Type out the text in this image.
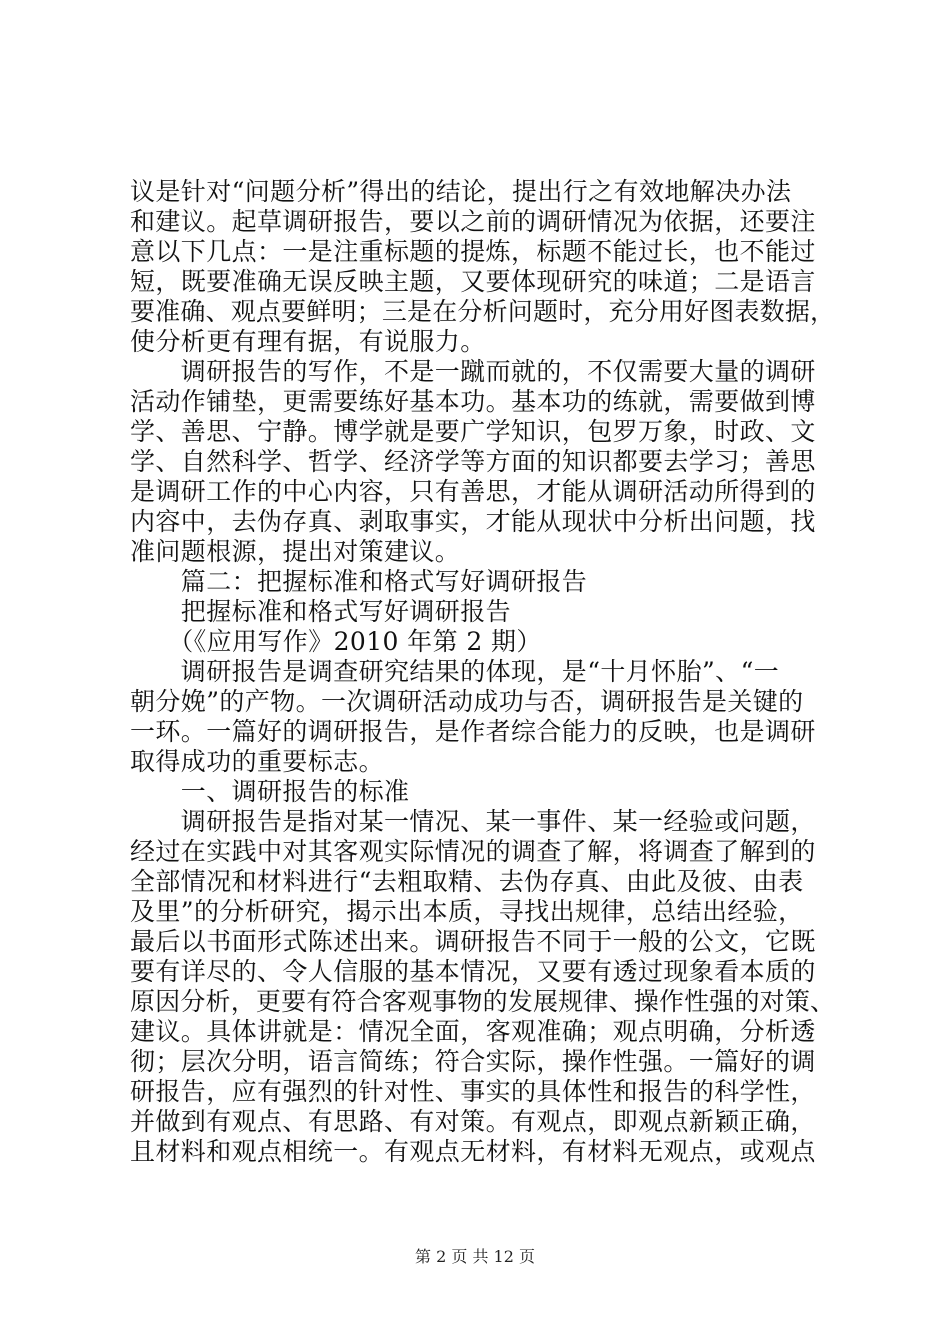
议是针对“问题分析”得出的结论，提出行之有效地解决办法
和建议。起草调研报告，要以之前的调研情况为依据，还要注
意以下几点：一是注重标题的提炼，标题不能过长，也不能过
短，既要准确无误反映主题，又要体现研究的味道；二是语言
要准确、观点要鲜明；三是在分析问题时，充分用好图表数据，
使分析更有理有据，有说服力。
　　调研报告的写作，不是一蹴而就的，不仅需要大量的调研
活动作铺垫，更需要练好基本功。基本功的练就，需要做到博
学、善思、宁静。博学就是要广学知识，包罗万象，时政、文
学、自然科学、哲学、经济学等方面的知识都要去学习；善思
是调研工作的中心内容，只有善思，才能从调研活动所得到的
内容中，去伪存真、剥取事实，才能从现状中分析出问题，找
准问题根源，提出对策建议。
　　篇二：把握标准和格式写好调研报告
　　把握标准和格式写好调研报告
　　（《应用写作》2010 年第 2 期）
　　调研报告是调查研究结果的体现，是“十月怀胎”、“一
朝分娩”的产物。一次调研活动成功与否，调研报告是关键的
一环。一篇好的调研报告，是作者综合能力的反映，也是调研
取得成功的重要标志。
　　一、调研报告的标准
　　调研报告是指对某一情况、某一事件、某一经验或问题，
经过在实践中对其客观实际情况的调查了解，将调查了解到的
全部情况和材料进行“去粗取精、去伪存真、由此及彼、由表
及里”的分析研究，揭示出本质，寻找出规律，总结出经验，
最后以书面形式陈述出来。调研报告不同于一般的公文，它既
要有详尽的、令人信服的基本情况，又要有透过现象看本质的
原因分析，更要有符合客观事物的发展规律、操作性强的对策、
建议。具体讲就是：情况全面，客观准确；观点明确，分析透
彻；层次分明，语言简练；符合实际，操作性强。一篇好的调
研报告，应有强烈的针对性、事实的具体性和报告的科学性，
并做到有观点、有思路、有对策。有观点，即观点新颖正确，
且材料和观点相统一。有观点无材料，有材料无观点，或观点
第 2 页 共 12 页
